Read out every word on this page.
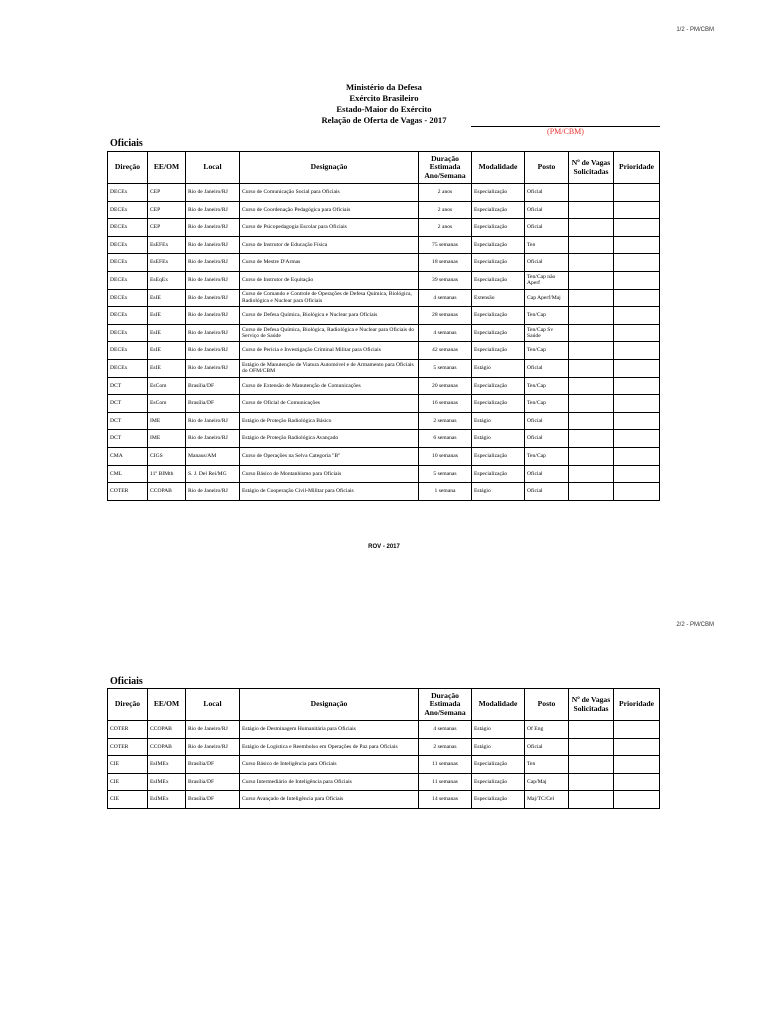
1/2 - PM/CBM
Ministério da Defesa
Exército Brasileiro
Estado-Maior do Exército
Relação de Oferta de Vagas - 2017
(PM/CBM)
Oficiais
Direção	EE/OM	Local	Designação	Duração Estimada Ano/Semana	Modalidade	Posto	Nº de Vagas Solicitadas	Prioridade
DECEx	CEP	Rio de Janeiro/RJ	Curso de Comunicação Social para Oficiais	2 anos	Especialização	Oficial		
DECEx	CEP	Rio de Janeiro/RJ	Curso de Coordenação Pedagógica para Oficiais	2 anos	Especialização	Oficial		
DECEx	CEP	Rio de Janeiro/RJ	Curso de Psicopedagogia Escolar para Oficiais	2 anos	Especialização	Oficial		
DECEx	EsEFEx	Rio de Janeiro/RJ	Curso de Instrutor de Educação Física	75 semanas	Especialização	Ten		
DECEx	EsEFEx	Rio de Janeiro/RJ	Curso de Mestre D'Armas	18 semanas	Especialização	Oficial		
DECEx	EsEqEx	Rio de Janeiro/RJ	Curso de Instrutor de Equitação	39 semanas	Especialização	Ten/Cap não Aperf		
DECEx	EsIE	Rio de Janeiro/RJ	Curso de Comando e Controle de Operações de Defesa Química, Biológica, Radiológica e Nuclear para Oficiais	4 semanas	Extensão	Cap Aperf/Maj		
DECEx	EsIE	Rio de Janeiro/RJ	Curso de Defesa Química, Biológica e Nuclear para Oficiais	28 semanas	Especialização	Ten/Cap		
DECEx	EsIE	Rio de Janeiro/RJ	Curso de Defesa Química, Biológica, Radiológica e Nuclear para Oficiais do Serviço de Saúde	4 semanas	Especialização	Ten/Cap Sv Saúde		
DECEx	EsIE	Rio de Janeiro/RJ	Curso de Perícia e Investigação Criminal Militar para Oficiais	42 semanas	Especialização	Ten/Cap		
DECEx	EsIE	Rio de Janeiro/RJ	Estágio de Manutenção de Viatura Automóvel e de Armamento para Oficiais do OFM/CBM	5 semanas	Estágio	Oficial		
DCT	EsCom	Brasília/DF	Curso de Extensão de Manutenção de Comunicações	20 semanas	Especialização	Ten/Cap		
DCT	EsCom	Brasília/DF	Curso de Oficial de Comunicações	16 semanas	Especialização	Ten/Cap		
DCT	IME	Rio de Janeiro/RJ	Estágio de Proteção Radiológica Básico	2 semanas	Estágio	Oficial		
DCT	IME	Rio de Janeiro/RJ	Estágio de Proteção Radiológica Avançado	6 semanas	Estágio	Oficial		
CMA	CIGS	Manaus/AM	Curso de Operações na Selva Categoria "B"	10 semanas	Especialização	Ten/Cap		
CML	11º BIMth	S. J. Del Rei/MG	Curso Básico de Montanhismo para Oficiais	5 semanas	Especialização	Oficial		
COTER	CCOPAB	Rio de Janeiro/RJ	Estágio de Cooperação Civil-Militar para Oficiais	1 semana	Estágio	Oficial		
ROV - 2017
2/2 - PM/CBM
Oficiais
Direção	EE/OM	Local	Designação	Duração Estimada Ano/Semana	Modalidade	Posto	Nº de Vagas Solicitadas	Prioridade
COTER	CCOPAB	Rio de Janeiro/RJ	Estágio de Desminagem Humanitária para Oficiais	4 semanas	Estágio	Of Eng		
COTER	CCOPAB	Rio de Janeiro/RJ	Estágio de Logística e Reembolso em Operações de Paz para Oficiais	2 semanas	Estágio	Oficial		
CIE	EsIMEx	Brasília/DF	Curso Básico de Inteligência para Oficiais	11 semanas	Especialização	Ten		
CIE	EsIMEx	Brasília/DF	Curso Intermediário de Inteligência para Oficiais	11 semanas	Especialização	Cap/Maj		
CIE	EsIMEx	Brasília/DF	Curso Avançado de Inteligência para Oficiais	14 semanas	Especialização	Maj/TC/Cel		
